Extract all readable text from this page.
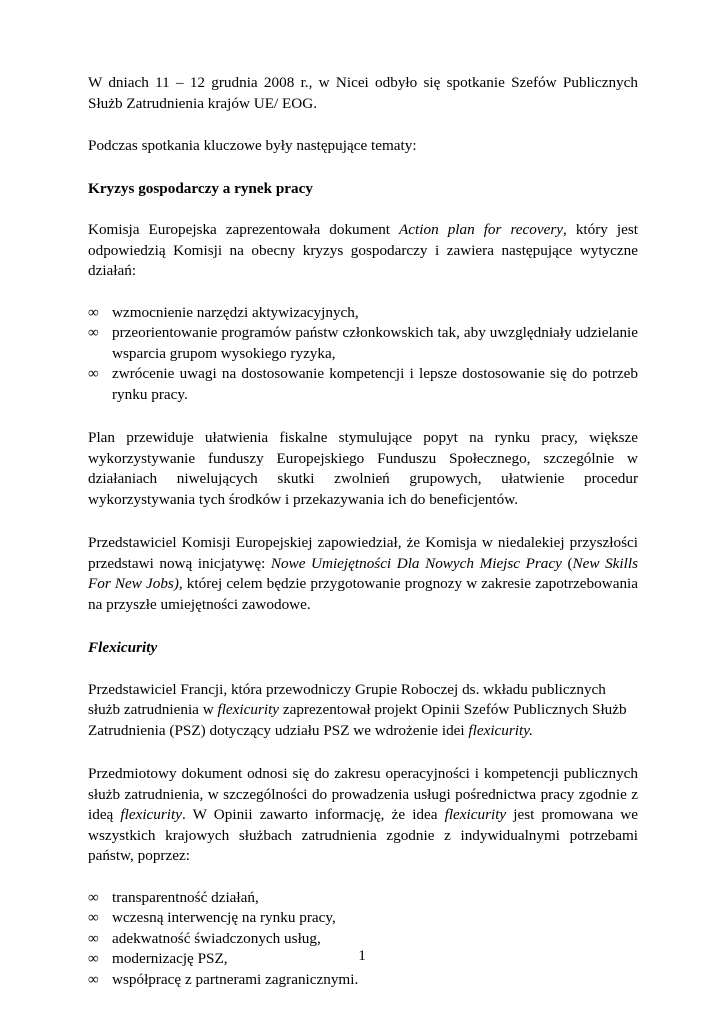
W dniach 11 – 12 grudnia 2008 r., w Nicei odbyło się spotkanie Szefów Publicznych Służb Zatrudnienia krajów UE/ EOG.

Podczas spotkania kluczowe były następujące tematy:

Kryzys gospodarczy a rynek pracy

Komisja Europejska zaprezentowała dokument Action plan for recovery, który jest odpowiedzią Komisji na obecny kryzys gospodarczy i zawiera następujące wytyczne działań:

∞ wzmocnienie narzędzi aktywizacyjnych,
∞ przeorientowanie programów państw członkowskich tak, aby uwzględniały udzielanie wsparcia grupom wysokiego ryzyka,
∞ zwrócenie uwagi na dostosowanie kompetencji i lepsze dostosowanie się do potrzeb rynku pracy.

Plan przewiduje ułatwienia fiskalne stymulujące popyt na rynku pracy, większe wykorzystywanie funduszy Europejskiego Funduszu Społecznego, szczególnie w działaniach niwelujących skutki zwolnień grupowych, ułatwienie procedur wykorzystywania tych środków i przekazywania ich do beneficjentów.

Przedstawiciel Komisji Europejskiej zapowiedział, że Komisja w niedalekiej przyszłości przedstawi nową inicjatywę: Nowe Umiejętności Dla Nowych Miejsc Pracy (New Skills For New Jobs), której celem będzie przygotowanie prognozy w zakresie zapotrzebowania na przyszłe umiejętności zawodowe.

Flexicurity

Przedstawiciel Francji, która przewodniczy Grupie Roboczej ds. wkładu publicznych służb zatrudnienia w flexicurity zaprezentował projekt Opinii Szefów Publicznych Służb Zatrudnienia (PSZ) dotyczący udziału PSZ we wdrożenie idei flexicurity.

Przedmiotowy dokument odnosi się do zakresu operacyjności i kompetencji publicznych służb zatrudnienia, w szczególności do prowadzenia usługi pośrednictwa pracy zgodnie z ideą flexicurity. W Opinii zawarto informację, że idea flexicurity jest promowana we wszystkich krajowych służbach zatrudnienia zgodnie z indywidualnymi potrzebami państw, poprzez:

∞ transparentność działań,
∞ wczesną interwencję na rynku pracy,
∞ adekwatność świadczonych usług,
∞ modernizację PSZ,
∞ współpracę z partnerami zagranicznymi.
1
